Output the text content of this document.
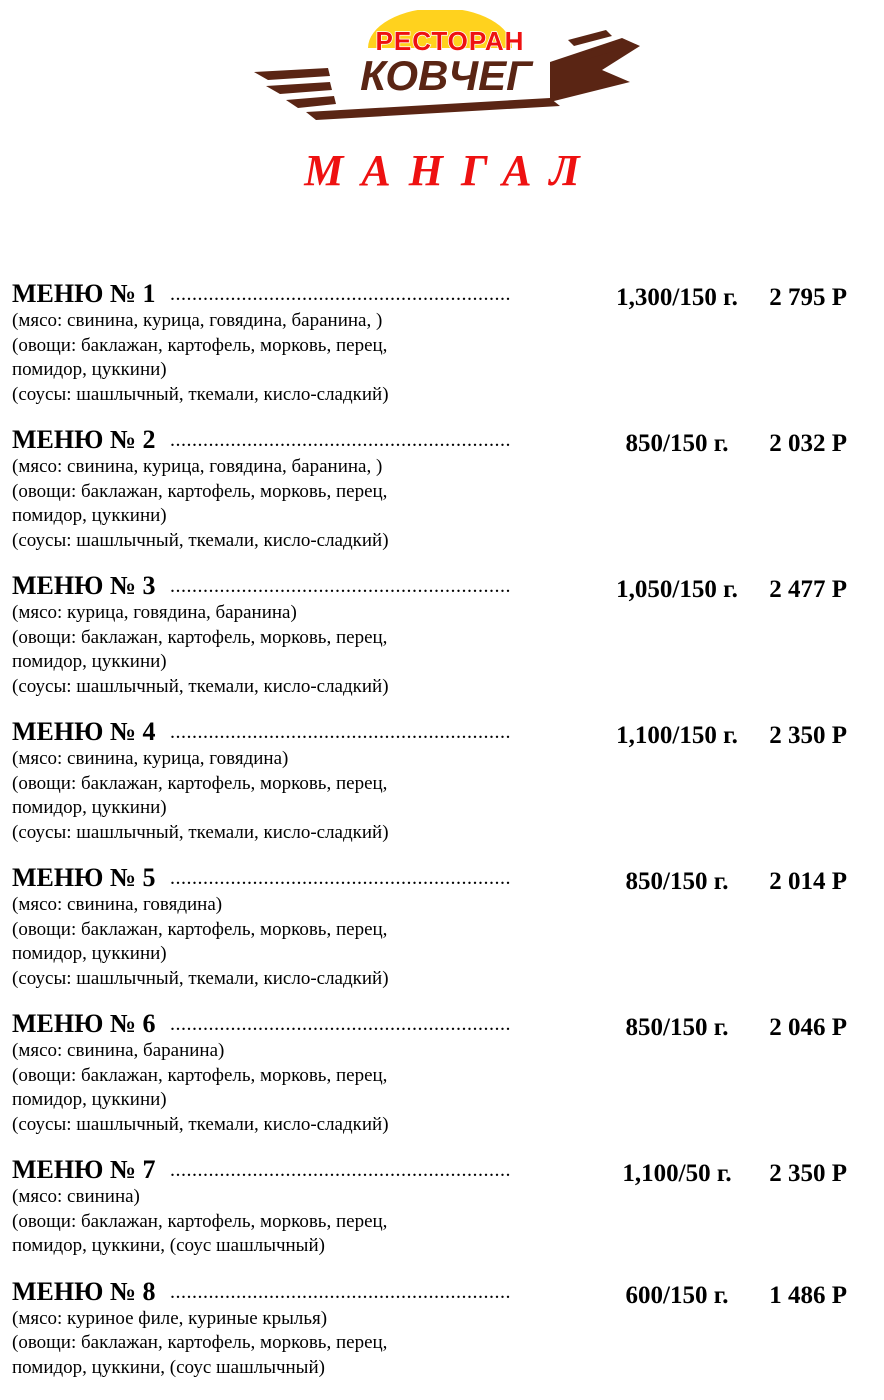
КОВЧЕГ
РЕСТОРАН
МАНГАЛ
МЕНЮ № 1 ..............................................................	1,300/150 г.	2 795 Р
(мясо: свинина, курица, говядина, баранина, )
(овощи: баклажан, картофель, морковь, перец,
помидор, цуккини)
(соусы: шашлычный, ткемали, кисло-сладкий)
МЕНЮ № 2 ..............................................................	850/150 г.	2 032 Р
(мясо: свинина, курица, говядина, баранина, )
(овощи: баклажан, картофель, морковь, перец,
помидор, цуккини)
(соусы: шашлычный, ткемали, кисло-сладкий)
МЕНЮ № 3 ..............................................................	1,050/150 г.	2 477 Р
(мясо: курица, говядина, баранина)
(овощи: баклажан, картофель, морковь, перец,
помидор, цуккини)
(соусы: шашлычный, ткемали, кисло-сладкий)
МЕНЮ № 4 ..............................................................	1,100/150 г.	2 350 Р
(мясо: свинина, курица, говядина)
(овощи: баклажан, картофель, морковь, перец,
помидор, цуккини)
(соусы: шашлычный, ткемали, кисло-сладкий)
МЕНЮ № 5 ..............................................................	850/150 г.	2 014 Р
(мясо: свинина, говядина)
(овощи: баклажан, картофель, морковь, перец,
помидор, цуккини)
(соусы: шашлычный, ткемали, кисло-сладкий)
МЕНЮ № 6 ..............................................................	850/150 г.	2 046 Р
(мясо: свинина, баранина)
(овощи: баклажан, картофель, морковь, перец,
помидор, цуккини)
(соусы: шашлычный, ткемали, кисло-сладкий)
МЕНЮ № 7 ..............................................................	1,100/50 г.	2 350 Р
(мясо: свинина)
(овощи: баклажан, картофель, морковь, перец,
помидор, цуккини, (соус шашлычный)
МЕНЮ № 8 ..............................................................	600/150 г.	1 486 Р
(мясо: куриное филе, куриные крылья)
(овощи: баклажан, картофель, морковь, перец,
помидор, цуккини, (соус шашлычный)
